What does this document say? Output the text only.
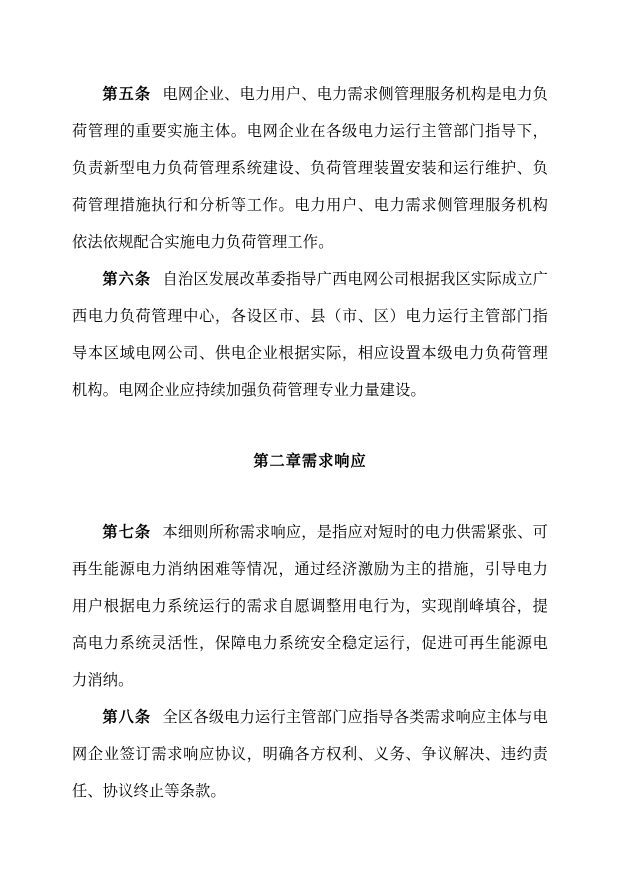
第五条 电网企业、电力用户、电力需求侧管理服务机构是电力负荷管理的重要实施主体。电网企业在各级电力运行主管部门指导下，负责新型电力负荷管理系统建设、负荷管理装置安装和运行维护、负荷管理措施执行和分析等工作。电力用户、电力需求侧管理服务机构依法依规配合实施电力负荷管理工作。

第六条 自治区发展改革委指导广西电网公司根据我区实际成立广西电力负荷管理中心，各设区市、县（市、区）电力运行主管部门指导本区域电网公司、供电企业根据实际，相应设置本级电力负荷管理机构。电网企业应持续加强负荷管理专业力量建设。

第二章需求响应

第七条 本细则所称需求响应，是指应对短时的电力供需紧张、可再生能源电力消纳困难等情况，通过经济激励为主的措施，引导电力用户根据电力系统运行的需求自愿调整用电行为，实现削峰填谷，提高电力系统灵活性，保障电力系统安全稳定运行，促进可再生能源电力消纳。

第八条 全区各级电力运行主管部门应指导各类需求响应主体与电网企业签订需求响应协议，明确各方权利、义务、争议解决、违约责任、协议终止等条款。
